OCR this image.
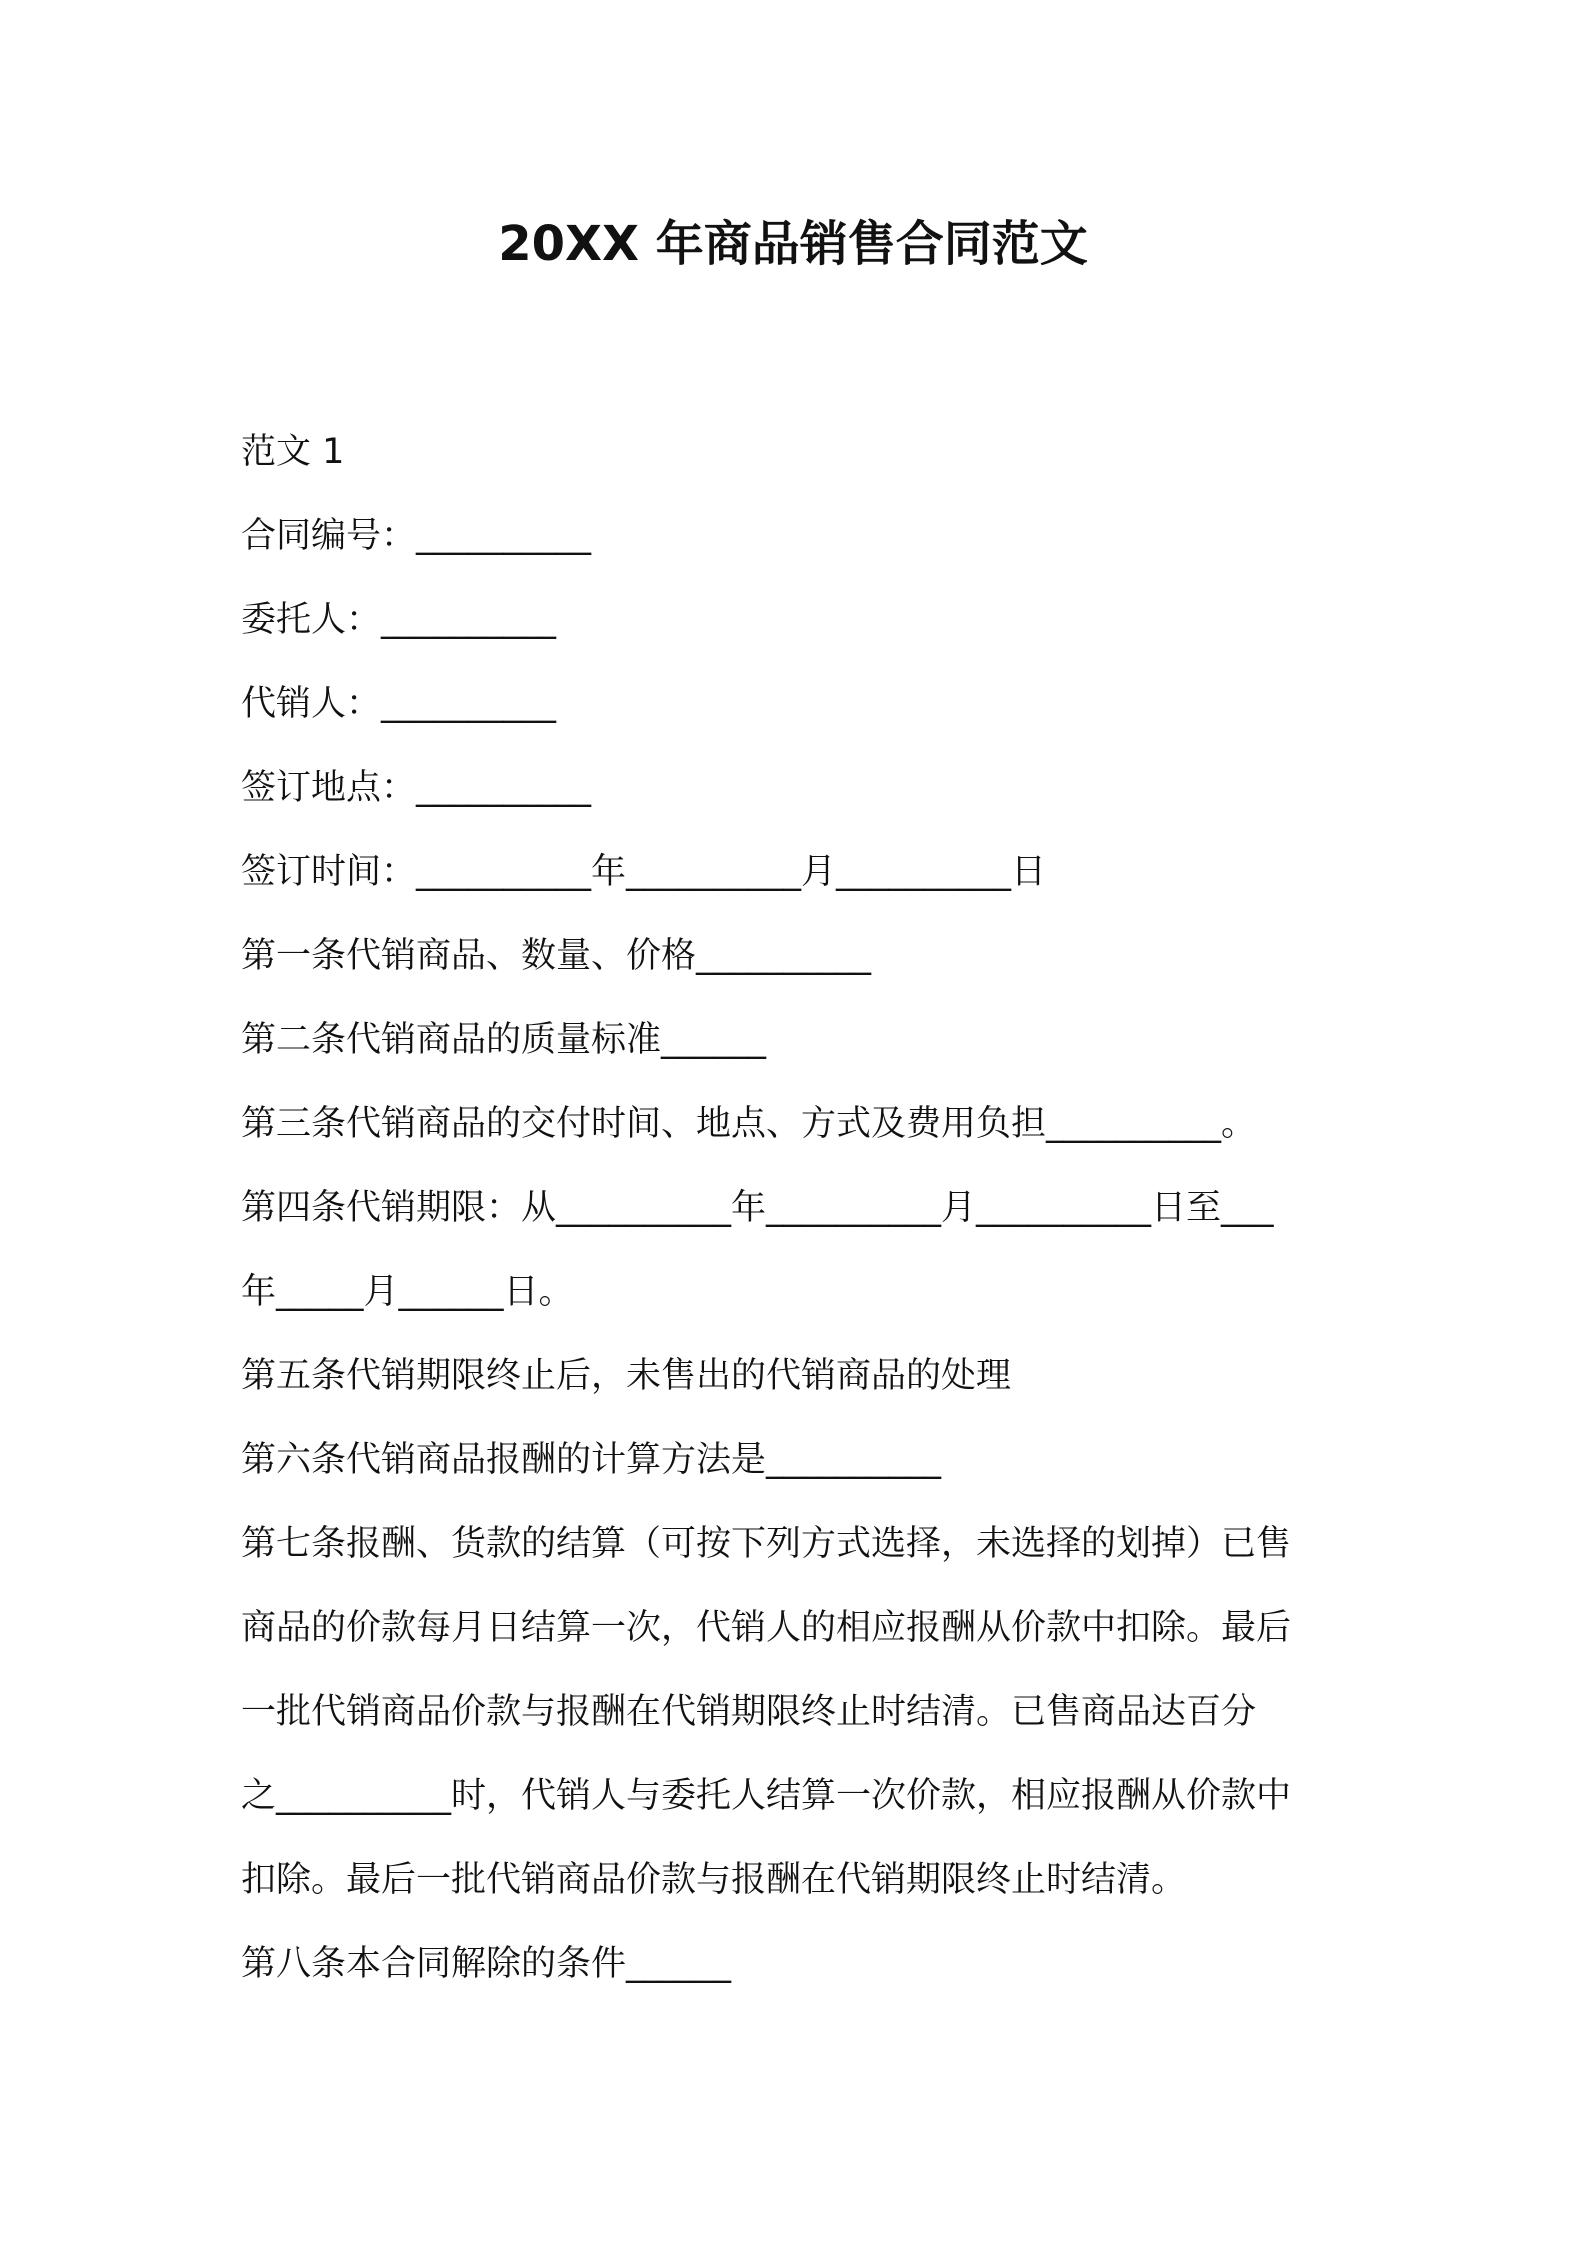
20XX 年商品销售合同范文
范文 1
合同编号：__________
委托人：__________
代销人：__________
签订地点：__________
签订时间：__________年__________月__________日
第一条代销商品、数量、价格__________
第二条代销商品的质量标准______
第三条代销商品的交付时间、地点、方式及费用负担__________。
第四条代销期限：从__________年__________月__________日至___
年_____月______日。
第五条代销期限终止后，未售出的代销商品的处理
第六条代销商品报酬的计算方法是__________
第七条报酬、货款的结算（可按下列方式选择，未选择的划掉）已售
商品的价款每月日结算一次，代销人的相应报酬从价款中扣除。最后
一批代销商品价款与报酬在代销期限终止时结清。已售商品达百分
之__________时，代销人与委托人结算一次价款，相应报酬从价款中
扣除。最后一批代销商品价款与报酬在代销期限终止时结清。
第八条本合同解除的条件______
